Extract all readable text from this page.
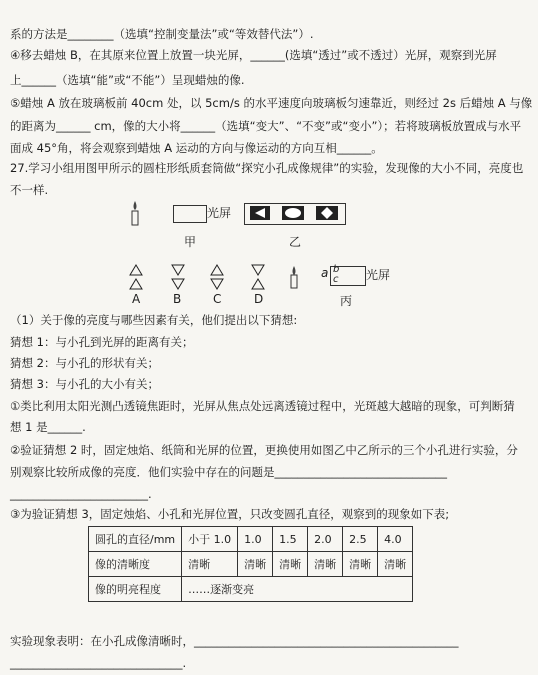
系的方法是________（选填“控制变量法”或“等效替代法”）.
④移去蜡烛 B，在其原来位置上放置一块光屏，______(选填“透过”或不透过）光屏，观察到光屏
上______（选填“能”或“不能”）呈现蜡烛的像.
⑤蜡烛 A 放在玻璃板前 40cm 处，以 5cm/s 的水平速度向玻璃板匀速靠近，则经过 2s 后蜡烛 A 与像
的距离为______ cm，像的大小将______（选填“变大”、“不变”或“变小”）；若将玻璃板放置成与水平
面成 45°角，将会观察到蜡烛 A 运动的方向与像运动的方向互相______。
27.学习小组用图甲所示的圆柱形纸质套筒做“探究小孔成像规律”的实验，发现像的大小不同，亮度也
不一样.
光屏
甲	乙
A	B	C	D
a b
c 光屏
丙
（1）关于像的亮度与哪些因素有关，他们提出以下猜想:
猜想 1：与小孔到光屏的距离有关；
猜想 2：与小孔的形状有关；
猜想 3：与小孔的大小有关；
①类比利用太阳光测凸透镜焦距时，光屏从焦点处远离透镜过程中，光斑越大越暗的现象，可判断猜
想 1 是______.
②验证猜想 2 时，固定烛焰、纸筒和光屏的位置，更换使用如图乙中乙所示的三个小孔进行实验，分
别观察比较所成像的亮度．他们实验中存在的问题是______________________________
________________________.
③为验证猜想 3，固定烛焰、小孔和光屏位置，只改变圆孔直径，观察到的现象如下表;
圆孔的直径/mm	小于 1.0	1.0	1.5	2.0	2.5	4.0
像的清晰度	清晰	清晰	清晰	清晰	清晰	清晰
像的明亮程度	……逐渐变亮					
实验现象表明：在小孔成像清晰时，______________________________________________
______________________________.
